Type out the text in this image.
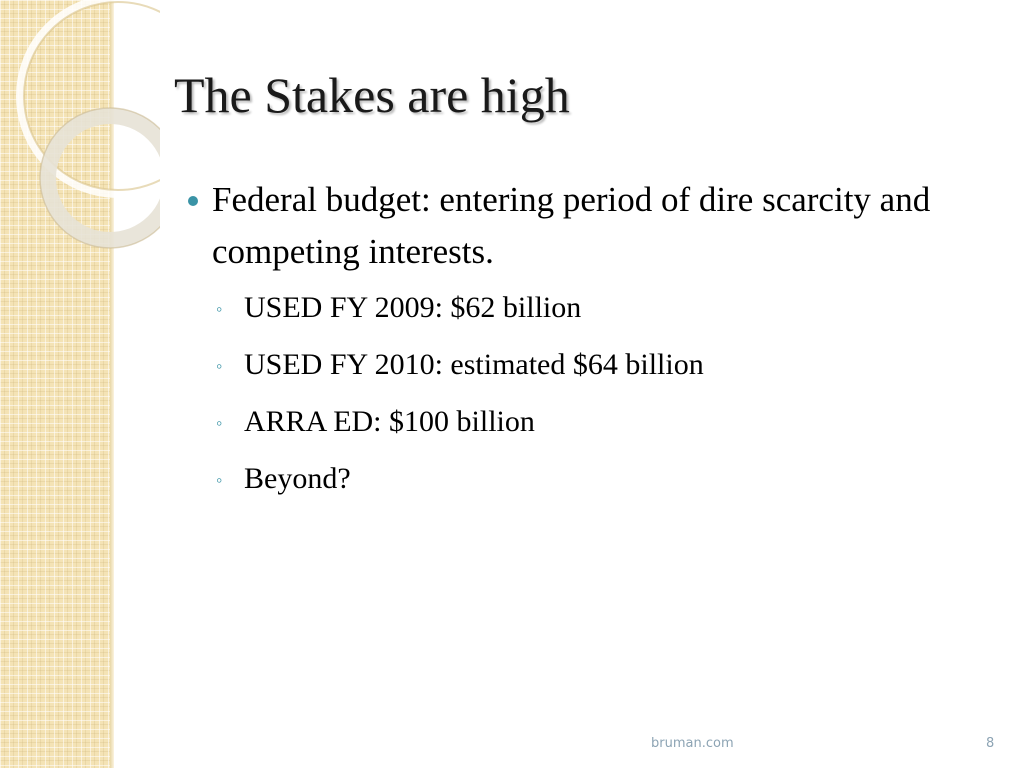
The Stakes are high
Federal budget: entering period of dire scarcity and competing interests.
◦ USED FY 2009: $62 billion
◦ USED FY 2010: estimated $64 billion
◦ ARRA ED: $100 billion
◦ Beyond?
bruman.com	8
